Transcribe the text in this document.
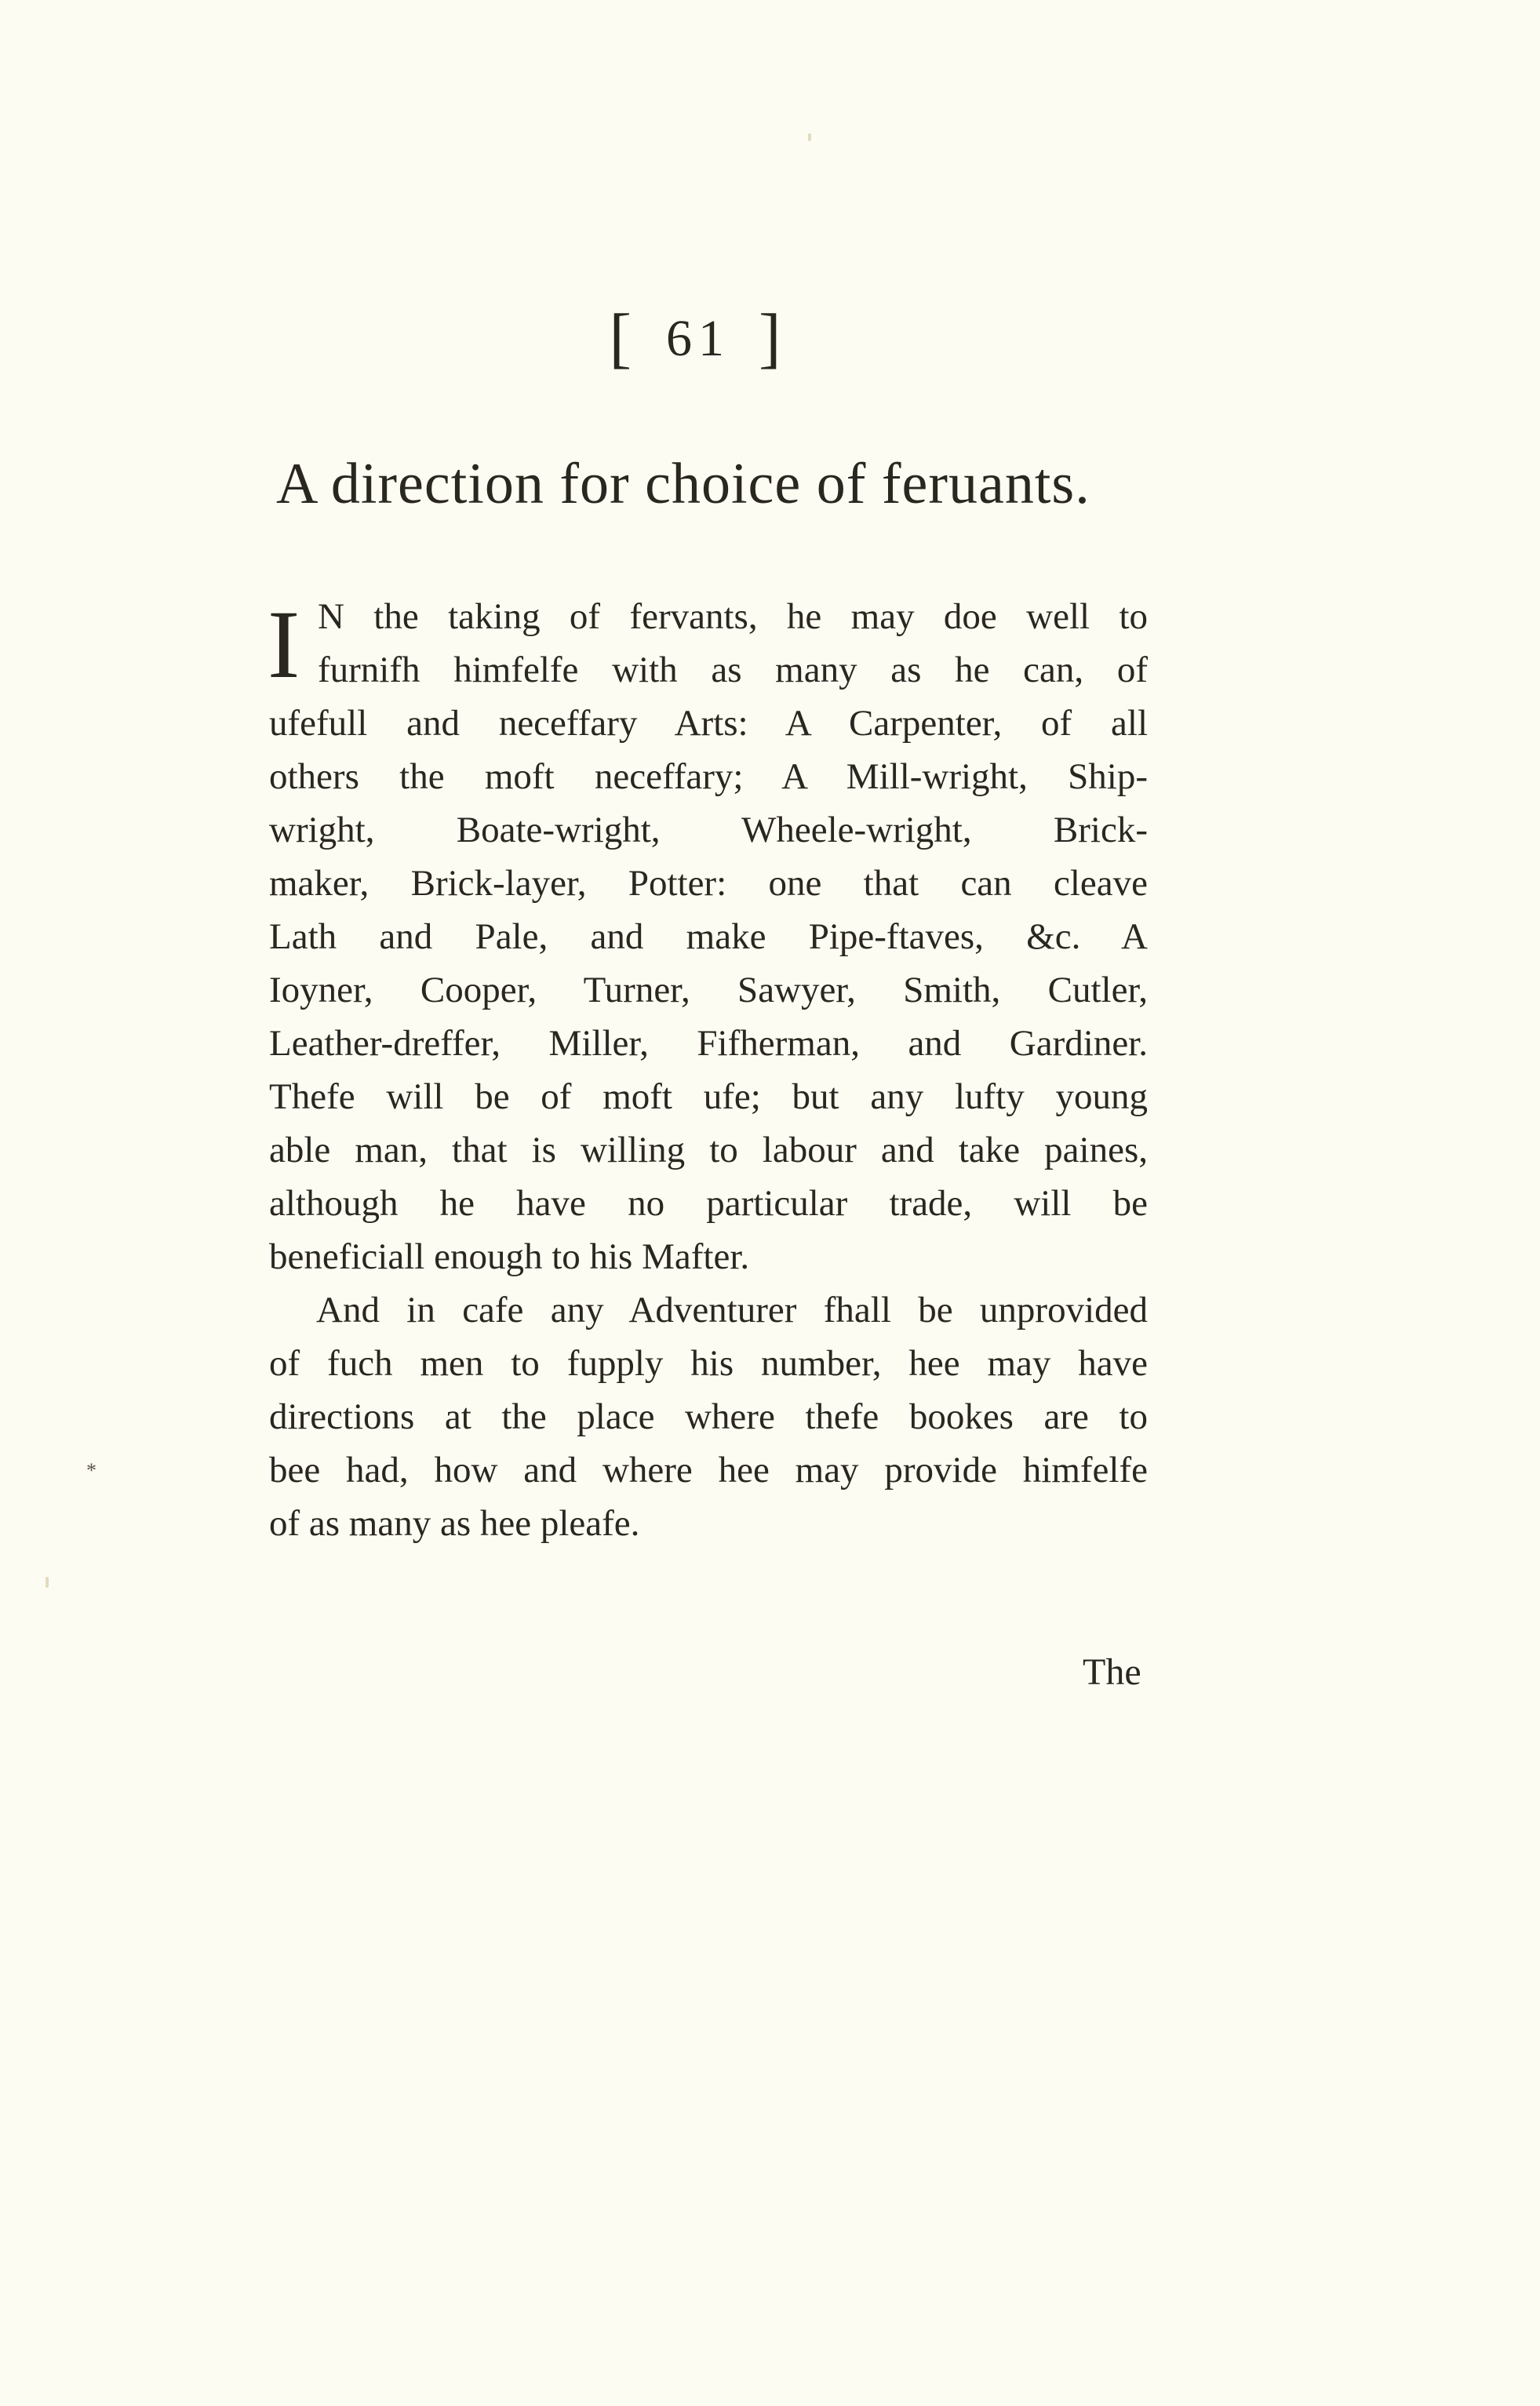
[ 61 ]
A direction for choice of feruants.
I N the taking of fervants, he may doe well to
furnifh himfelfe with as many as he can, of
ufefull and neceffary Arts: A Carpenter, of all
others the moft neceffary; A Mill-wright, Ship-
wright, Boate-wright, Wheele-wright, Brick-
maker, Brick-layer, Potter: one that can cleave
Lath and Pale, and make Pipe-ftaves, &c. A
Ioyner, Cooper, Turner, Sawyer, Smith, Cutler,
Leather-dreffer, Miller, Fifherman, and Gardiner.
Thefe will be of moft ufe; but any lufty young
able man, that is willing to labour and take paines,
although he have no particular trade, will be
beneficiall enough to his Mafter.
And in cafe any Adventurer fhall be unprovided
of fuch men to fupply his number, hee may have
directions at the place where thefe bookes are to
bee had, how and where hee may provide himfelfe
of as many as hee pleafe.
*
The
